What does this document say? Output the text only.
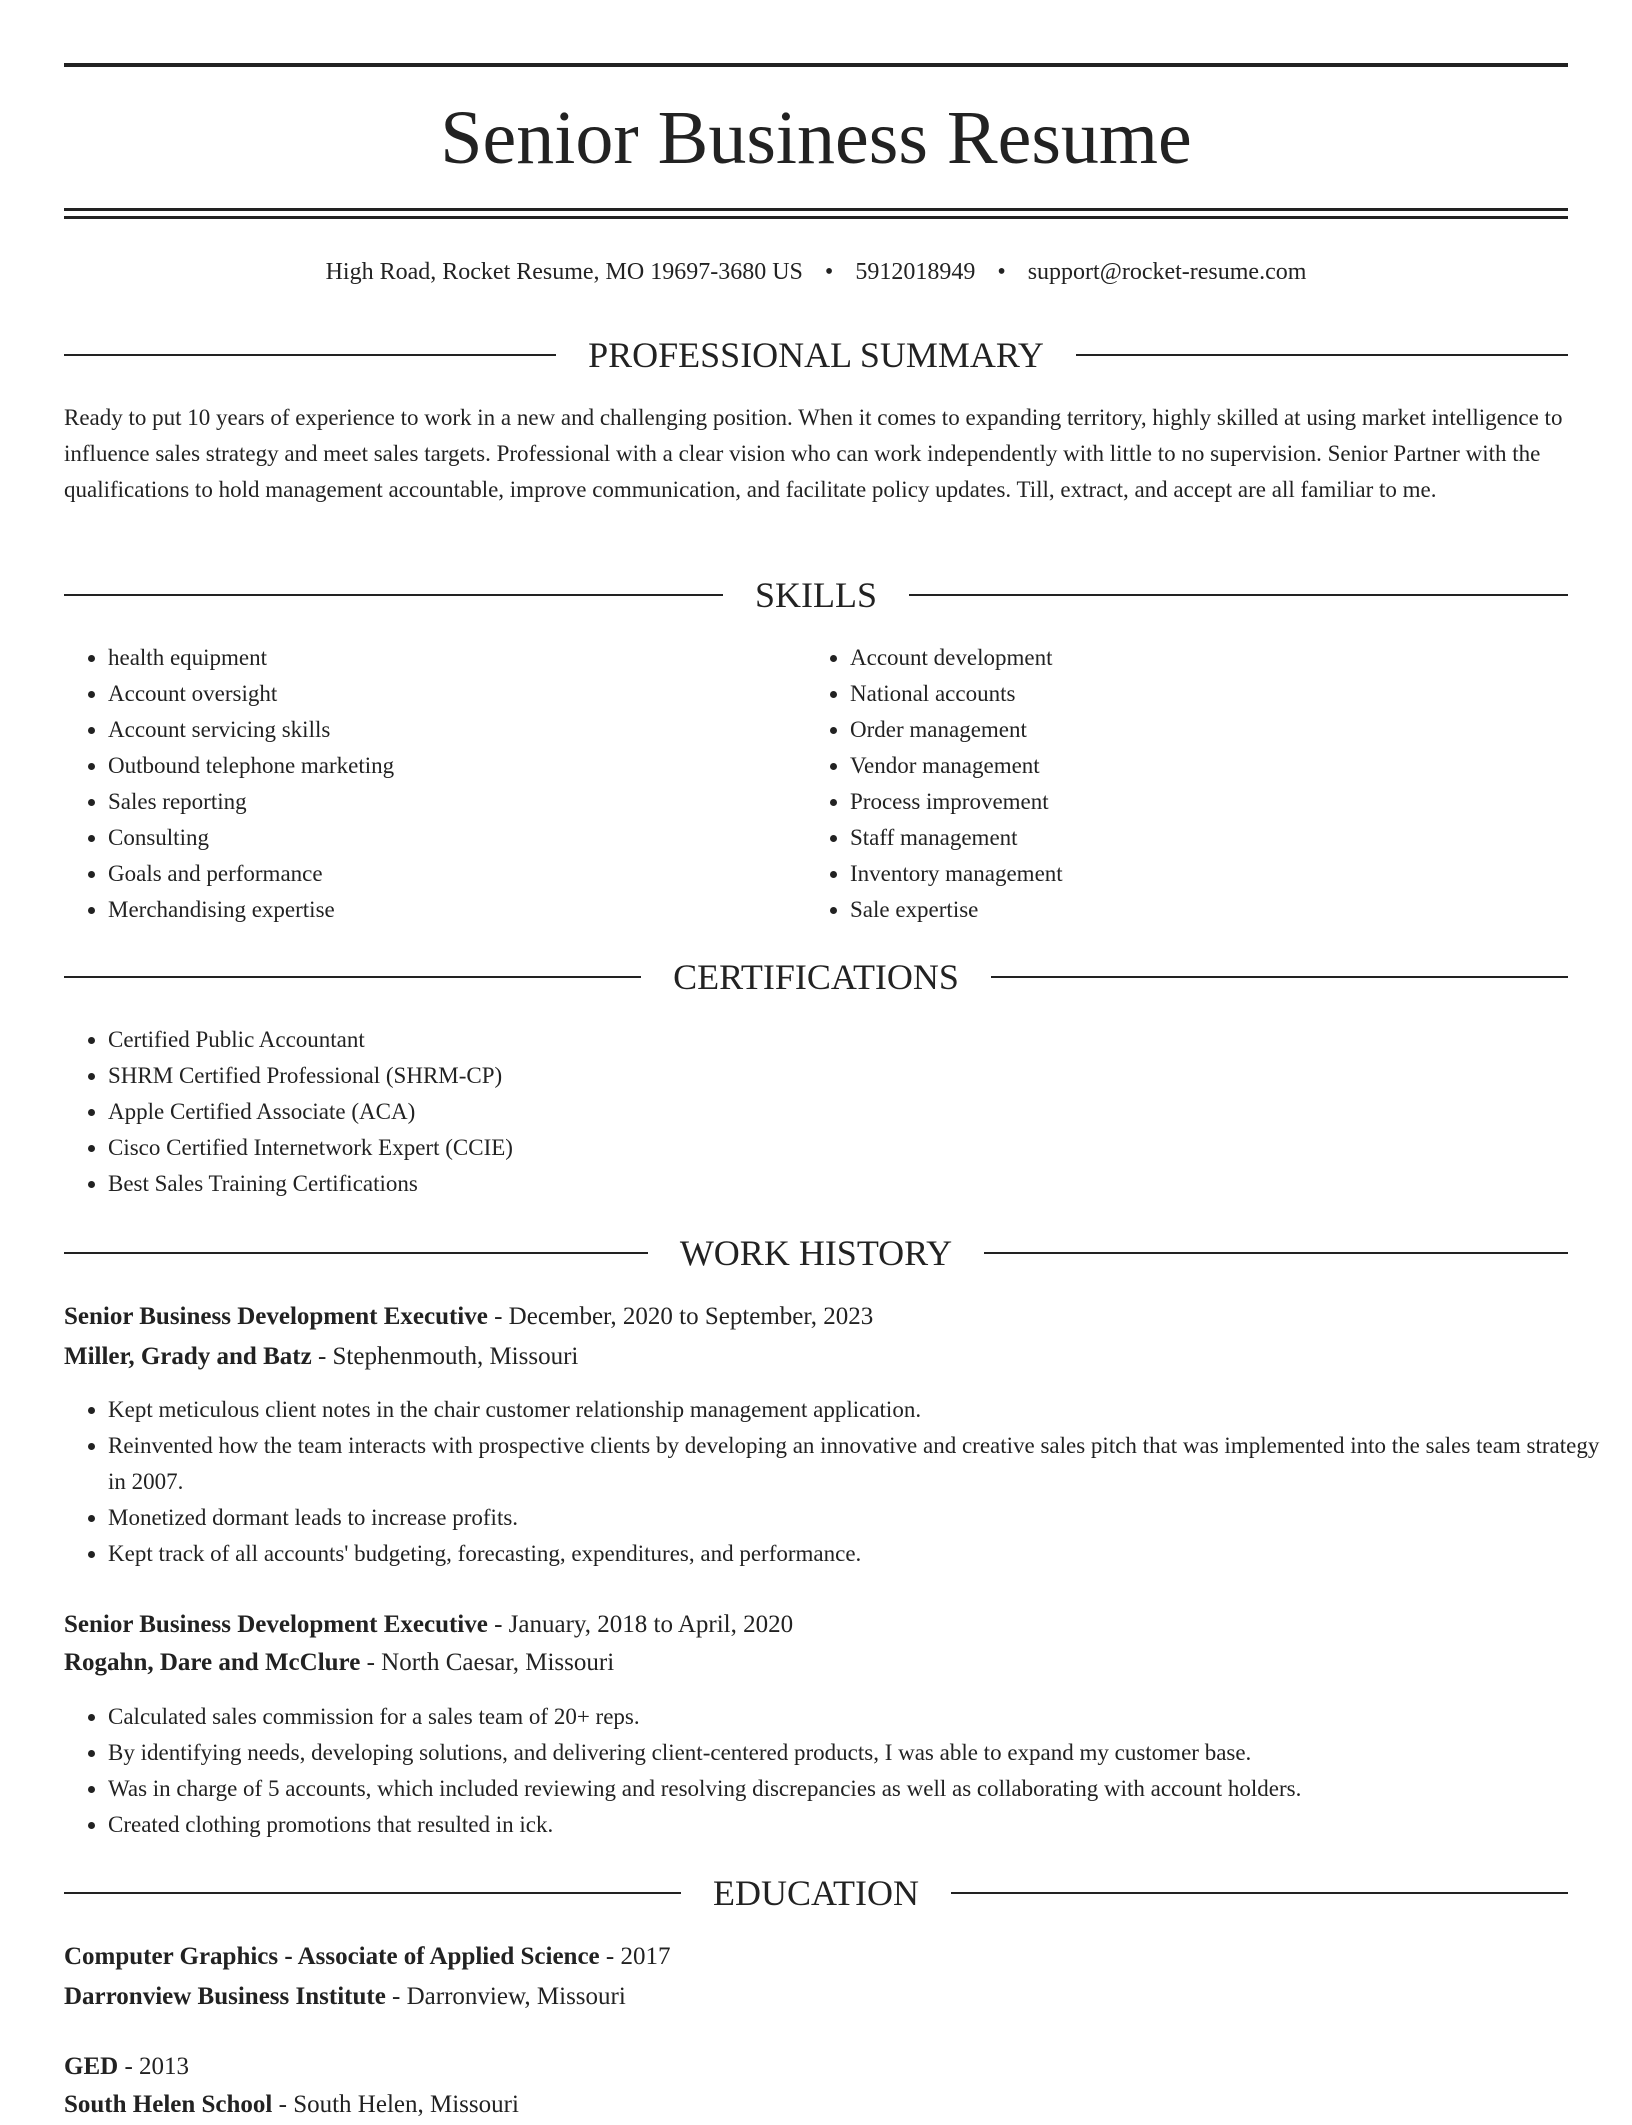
Senior Business Resume
High Road, Rocket Resume, MO 19697-3680 US • 5912018949 • support@rocket-resume.com
PROFESSIONAL SUMMARY

Ready to put 10 years of experience to work in a new and challenging position. When it comes to expanding territory, highly skilled at using market intelligence to influence sales strategy and meet sales targets. Professional with a clear vision who can work independently with little to no supervision. Senior Partner with the qualifications to hold management accountable, improve communication, and facilitate policy updates. Till, extract, and accept are all familiar to me.

SKILLS
• health equipment
• Account oversight
• Account servicing skills
• Outbound telephone marketing
• Sales reporting
• Consulting
• Goals and performance
• Merchandising expertise
• Account development
• National accounts
• Order management
• Vendor management
• Process improvement
• Staff management
• Inventory management
• Sale expertise
CERTIFICATIONS
• Certified Public Accountant
• SHRM Certified Professional (SHRM-CP)
• Apple Certified Associate (ACA)
• Cisco Certified Internetwork Expert (CCIE)
• Best Sales Training Certifications
WORK HISTORY
Senior Business Development Executive - December, 2020 to September, 2023
Miller, Grady and Batz - Stephenmouth, Missouri
• Kept meticulous client notes in the chair customer relationship management application.
• Reinvented how the team interacts with prospective clients by developing an innovative and creative sales pitch that was implemented into the sales team strategy in 2007.
• Monetized dormant leads to increase profits.
• Kept track of all accounts' budgeting, forecasting, expenditures, and performance.
Senior Business Development Executive - January, 2018 to April, 2020
Rogahn, Dare and McClure - North Caesar, Missouri
• Calculated sales commission for a sales team of 20+ reps.
• By identifying needs, developing solutions, and delivering client-centered products, I was able to expand my customer base.
• Was in charge of 5 accounts, which included reviewing and resolving discrepancies as well as collaborating with account holders.
• Created clothing promotions that resulted in ick.
EDUCATION
Computer Graphics - Associate of Applied Science - 2017
Darronview Business Institute - Darronview, Missouri
GED - 2013
South Helen School - South Helen, Missouri
